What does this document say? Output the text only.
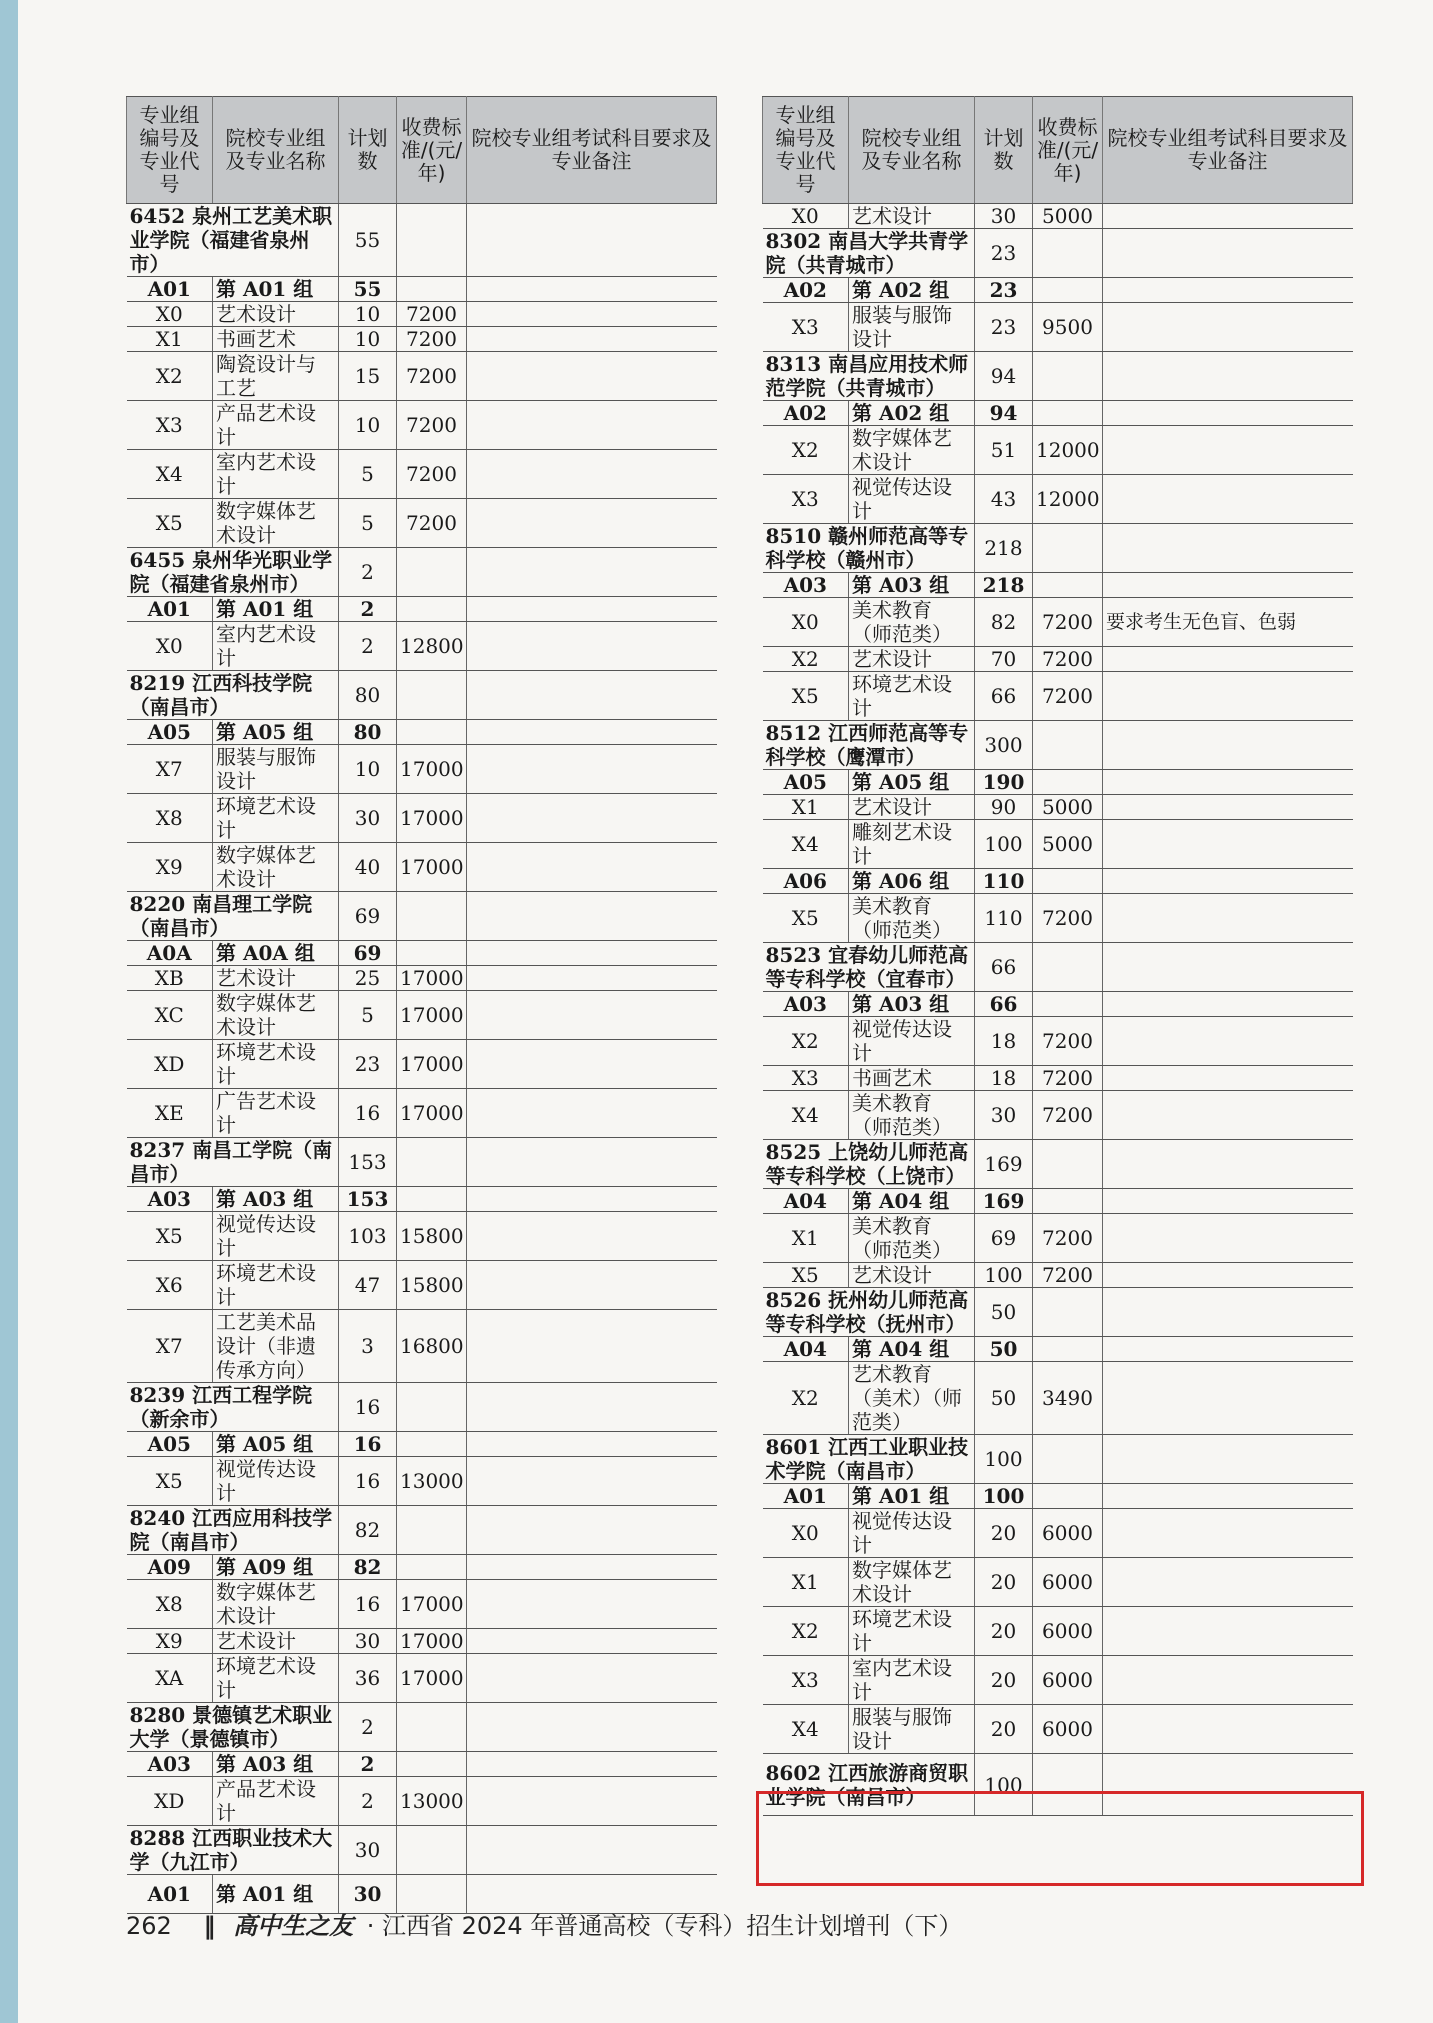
专业组编号及专业代号	院校专业组及专业名称	计划数	收费标准/(元/年)	院校专业组考试科目要求及专业备注
6452 泉州工艺美术职业学院（福建省泉州市）		55		
A01	第 A01 组	55		
X0	艺术设计	10	7200	
X1	书画艺术	10	7200	
X2	陶瓷设计与工艺	15	7200	
X3	产品艺术设计	10	7200	
X4	室内艺术设计	5	7200	
X5	数字媒体艺术设计	5	7200	
6455 泉州华光职业学院（福建省泉州市）		2		
A01	第 A01 组	2		
X0	室内艺术设计	2	12800	
8219 江西科技学院（南昌市）		80		
A05	第 A05 组	80		
X7	服装与服饰设计	10	17000	
X8	环境艺术设计	30	17000	
X9	数字媒体艺术设计	40	17000	
8220 南昌理工学院（南昌市）		69		
A0A	第 A0A 组	69		
XB	艺术设计	25	17000	
XC	数字媒体艺术设计	5	17000	
XD	环境艺术设计	23	17000	
XE	广告艺术设计	16	17000	
8237 南昌工学院（南昌市）		153		
A03	第 A03 组	153		
X5	视觉传达设计	103	15800	
X6	环境艺术设计	47	15800	
X7	工艺美术品设计（非遗传承方向）	3	16800	
8239 江西工程学院（新余市）		16		
A05	第 A05 组	16		
X5	视觉传达设计	16	13000	
8240 江西应用科技学院（南昌市）		82		
A09	第 A09 组	82		
X8	数字媒体艺术设计	16	17000	
X9	艺术设计	30	17000	
XA	环境艺术设计	36	17000	
8280 景德镇艺术职业大学（景德镇市）		2		
A03	第 A03 组	2		
XD	产品艺术设计	2	13000	
8288 江西职业技术大学（九江市）		30		
A01	第 A01 组	30		
专业组编号及专业代号	院校专业组及专业名称	计划数	收费标准/(元/年)	院校专业组考试科目要求及专业备注
X0	艺术设计	30	5000	
8302 南昌大学共青学院（共青城市）		23		
A02	第 A02 组	23		
X3	服装与服饰设计	23	9500	
8313 南昌应用技术师范学院（共青城市）		94		
A02	第 A02 组	94		
X2	数字媒体艺术设计	51	12000	
X3	视觉传达设计	43	12000	
8510 赣州师范高等专科学校（赣州市）		218		
A03	第 A03 组	218		
X0	美术教育（师范类）	82	7200	要求考生无色盲、色弱
X2	艺术设计	70	7200	
X5	环境艺术设计	66	7200	
8512 江西师范高等专科学校（鹰潭市）		300		
A05	第 A05 组	190		
X1	艺术设计	90	5000	
X4	雕刻艺术设计	100	5000	
A06	第 A06 组	110		
X5	美术教育（师范类）	110	7200	
8523 宜春幼儿师范高等专科学校（宜春市）		66		
A03	第 A03 组	66		
X2	视觉传达设计	18	7200	
X3	书画艺术	18	7200	
X4	美术教育（师范类）	30	7200	
8525 上饶幼儿师范高等专科学校（上饶市）		169		
A04	第 A04 组	169		
X1	美术教育（师范类）	69	7200	
X5	艺术设计	100	7200	
8526 抚州幼儿师范高等专科学校（抚州市）		50		
A04	第 A04 组	50		
X2	艺术教育（美术）（师范类）	50	3490	
8601 江西工业职业技术学院（南昌市）		100		
A01	第 A01 组	100		
X0	视觉传达设计	20	6000	
X1	数字媒体艺术设计	20	6000	
X2	环境艺术设计	20	6000	
X3	室内艺术设计	20	6000	
X4	服装与服饰设计	20	6000	
8602 江西旅游商贸职业学院（南昌市）		100		
262 ‖ 高中生之友 · 江西省 2024 年普通高校（专科）招生计划增刊（下）
